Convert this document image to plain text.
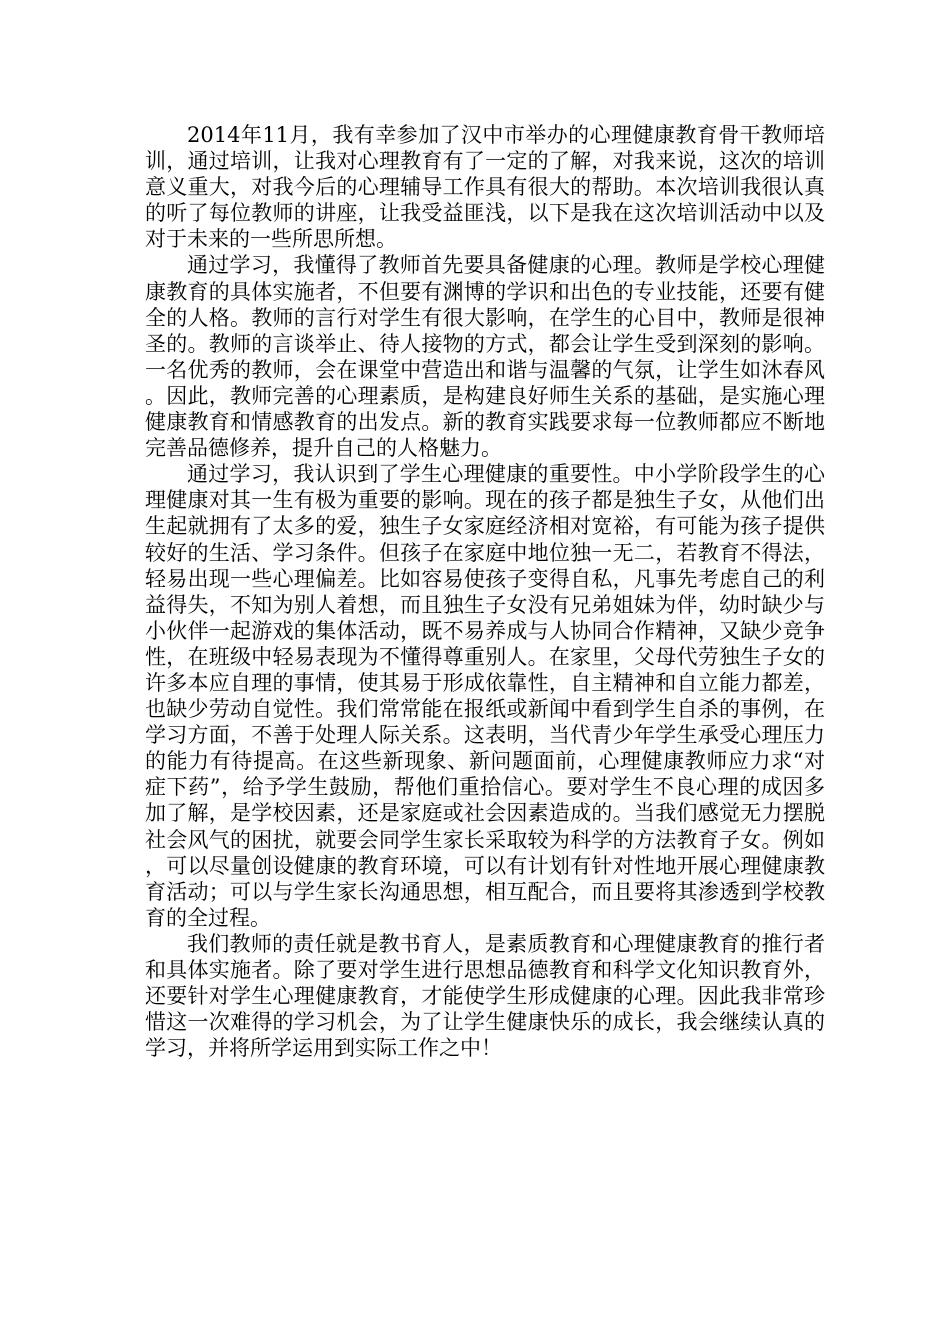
2014年11月，我有幸参加了汉中市举办的心理健康教育骨干教师培训，通过培训，让我对心理教育有了一定的了解，对我来说，这次的培训意义重大，对我今后的心理辅导工作具有很大的帮助。本次培训我很认真的听了每位教师的讲座，让我受益匪浅，以下是我在这次培训活动中以及对于未来的一些所思所想。

通过学习，我懂得了教师首先要具备健康的心理。教师是学校心理健康教育的具体实施者，不但要有渊博的学识和出色的专业技能，还要有健全的人格。教师的言行对学生有很大影响，在学生的心目中，教师是很神圣的。教师的言谈举止、待人接物的方式，都会让学生受到深刻的影响。一名优秀的教师，会在课堂中营造出和谐与温馨的气氛，让学生如沐春风。因此，教师完善的心理素质，是构建良好师生关系的基础，是实施心理健康教育和情感教育的出发点。新的教育实践要求每一位教师都应不断地完善品德修养，提升自己的人格魅力。

通过学习，我认识到了学生心理健康的重要性。中小学阶段学生的心理健康对其一生有极为重要的影响。现在的孩子都是独生子女，从他们出生起就拥有了太多的爱，独生子女家庭经济相对宽裕，有可能为孩子提供较好的生活、学习条件。但孩子在家庭中地位独一无二，若教育不得法，轻易出现一些心理偏差。比如容易使孩子变得自私，凡事先考虑自己的利益得失，不知为别人着想，而且独生子女没有兄弟姐妹为伴，幼时缺少与小伙伴一起游戏的集体活动，既不易养成与人协同合作精神，又缺少竞争性，在班级中轻易表现为不懂得尊重别人。在家里，父母代劳独生子女的许多本应自理的事情，使其易于形成依靠性，自主精神和自立能力都差，也缺少劳动自觉性。我们常常能在报纸或新闻中看到学生自杀的事例，在学习方面，不善于处理人际关系。这表明，当代青少年学生承受心理压力的能力有待提高。在这些新现象、新问题面前，心理健康教师应力求“对症下药”，给予学生鼓励，帮他们重拾信心。要对学生不良心理的成因多加了解，是学校因素，还是家庭或社会因素造成的。当我们感觉无力摆脱社会风气的困扰，就要会同学生家长采取较为科学的方法教育子女。例如，可以尽量创设健康的教育环境，可以有计划有针对性地开展心理健康教育活动；可以与学生家长沟通思想，相互配合，而且要将其渗透到学校教育的全过程。

我们教师的责任就是教书育人，是素质教育和心理健康教育的推行者和具体实施者。除了要对学生进行思想品德教育和科学文化知识教育外，还要针对学生心理健康教育，才能使学生形成健康的心理。因此我非常珍惜这一次难得的学习机会，为了让学生健康快乐的成长，我会继续认真的学习，并将所学运用到实际工作之中！
